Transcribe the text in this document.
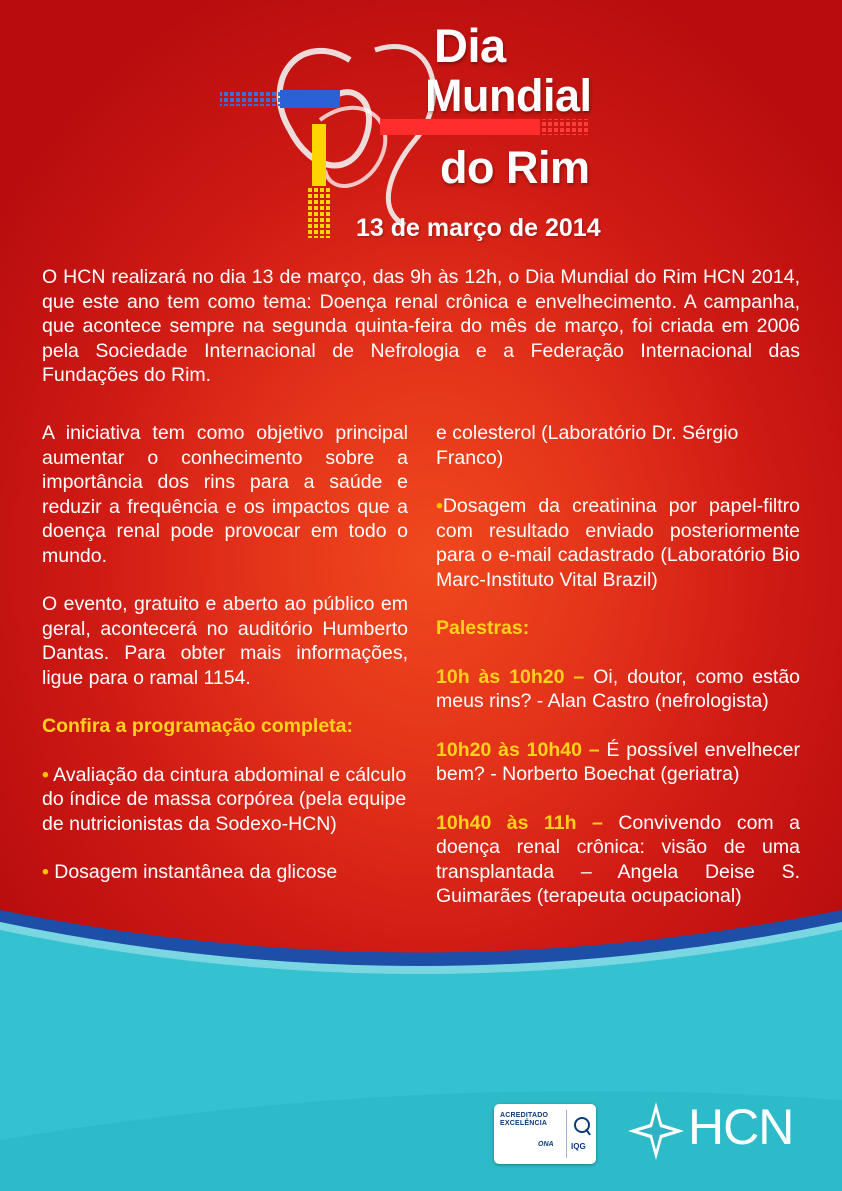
Dia
Mundial
do Rim
13 de março de 2014
O HCN realizará no dia 13 de março, das 9h às 12h, o Dia Mundial do Rim HCN 2014, que este ano tem como tema: Doença renal crônica e envelhecimento. A campanha, que acontece sempre na segunda quinta-feira do mês de março, foi criada em 2006 pela Sociedade Internacional de Nefrologia e a Federação Internacional das Fundações do Rim.

A iniciativa tem como objetivo principal aumentar o conhecimento sobre a importância dos rins para a saúde e reduzir a frequência e os impactos que a doença renal pode provocar em todo o mundo.

O evento, gratuito e aberto ao público em geral, acontecerá no auditório Humberto Dantas. Para obter mais informações, ligue para o ramal 1154.

Confira a programação completa:

• Avaliação da cintura abdominal e cálculo do índice de massa corpórea (pela equipe de nutricionistas da Sodexo-HCN)

• Dosagem instantânea da glicose

e colesterol (Laboratório Dr. Sérgio Franco)

•Dosagem da creatinina por papel-filtro com resultado enviado posteriormente para o e-mail cadastrado (Laboratório Bio Marc-Instituto Vital Brazil)

Palestras:

10h às 10h20 – Oi, doutor, como estão meus rins? - Alan Castro (nefrologista)

10h20 às 10h40 – É possível envelhecer bem? - Norberto Boechat (geriatra)

10h40 às 11h – Convivendo com a doença renal crônica: visão de uma transplantada – Angela Deise S. Guimarães (terapeuta ocupacional)

ACREDITADO
EXCELÊNCIA
ONA IQG HCN
